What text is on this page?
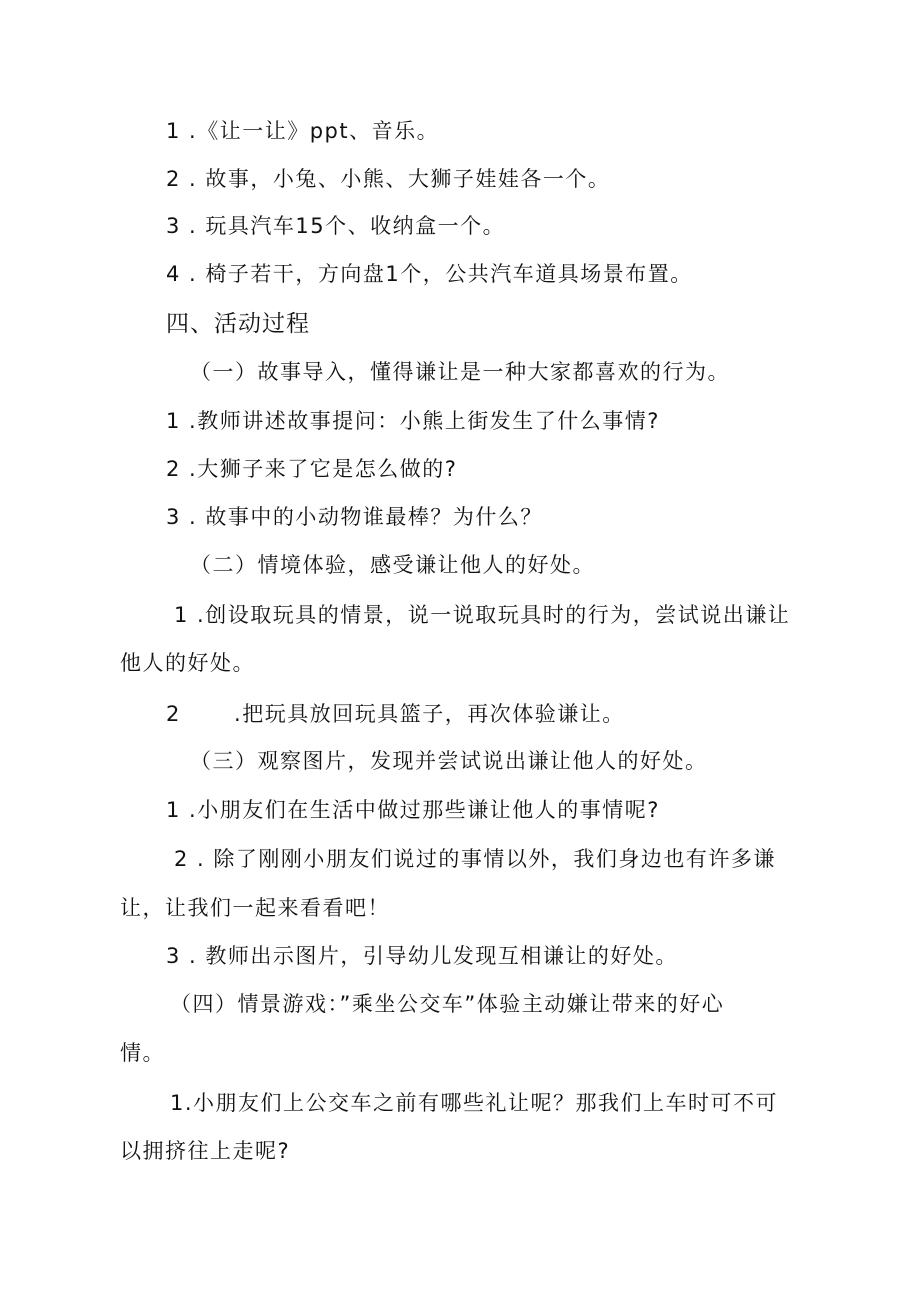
1 .《让一让》ppt、音乐。
2 . 故事，小兔、小熊、大狮子娃娃各一个。
3 . 玩具汽车15个、收纳盒一个。
4 . 椅子若干，方向盘1个，公共汽车道具场景布置。
四、活动过程
（一）故事导入，懂得谦让是一种大家都喜欢的行为。
1 .教师讲述故事提问：小熊上街发生了什么事情?
2 .大狮子来了它是怎么做的?
3 . 故事中的小动物谁最棒？为什么？
（二）情境体验，感受谦让他人的好处。
1 .创设取玩具的情景，说一说取玩具时的行为，尝试说出谦让
他人的好处。
2 　　.把玩具放回玩具篮子，再次体验谦让。
（三）观察图片，发现并尝试说出谦让他人的好处。
1 .小朋友们在生活中做过那些谦让他人的事情呢?
2 . 除了刚刚小朋友们说过的事情以外，我们身边也有许多谦
让，让我们一起来看看吧！
3 . 教师出示图片，引导幼儿发现互相谦让的好处。
（四）情景游戏：”乘坐公交车”体验主动嫌让带来的好心
情。
1.小朋友们上公交车之前有哪些礼让呢？那我们上车时可不可
以拥挤往上走呢?
